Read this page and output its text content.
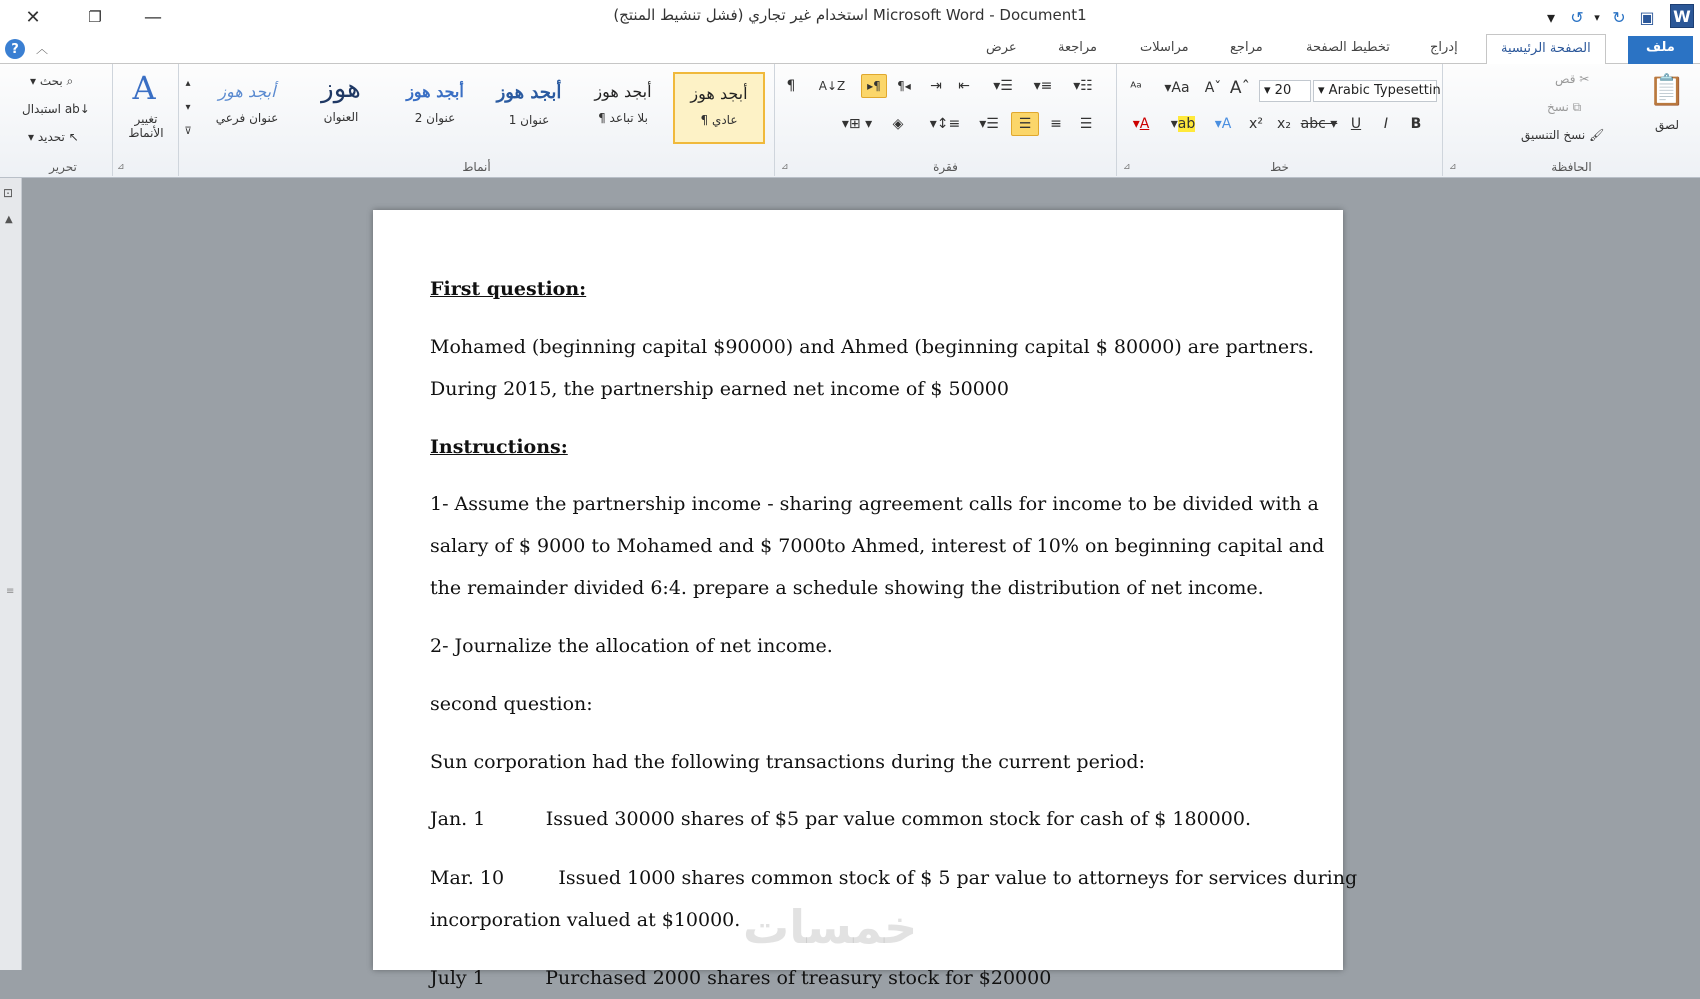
✕	❐	—	استخدام غير تجاري (فشل تنشيط المنتج) Microsoft Word - Document1	▾ ↺ ▾ ↻ ▣ W
?	︿	عرض	مراجعة	مراسلات	مراجع	تخطيط الصفحة	إدراج	الصفحة الرئيسية	ملف
▾ بحث ⌕
استبدال ab↓
▾ تحديد ↖
تحرير
A
تغيير الأنماط
⊿
▴
▾
⊽
أبجد هوز
عنوان فرعي
هوز
العنوان
أبجد هوز
عنوان 2
أبجد هوز
عنوان 1
أبجد هوز
¶ بلا تباعد
أبجد هوز
¶ عادي
أنماط
¶	A↓Z	▸¶	¶◂	⇥	⇤	▾☰	▾≡	▾☷
▾⊞ ▾	◈	▾↕≡	▾☰	☰	≡	☰
⊿	فقرة
ᴬᵃ	▾Aa	Aˇ Aˆ	▾ 20	▾ Arabic Typesettin
▾ A	▾ ab	▾A	x²	x₂ abc ▾ U	I	B
⊿	خط
قص ✂
نسخ ⧉
نسخ التنسيق 🖌
📋
لصق
⊿	الحافظة
⊡
▲
≡
First question:
Mohamed (beginning capital $90000) and Ahmed (beginning capital $ 80000) are partners.
During 2015, the partnership earned net income of $ 50000
Instructions:
1- Assume the partnership income - sharing agreement calls for income to be divided with a
salary of $ 9000 to Mohamed and $ 7000to Ahmed, interest of 10% on beginning capital and
the remainder divided 6:4. prepare a schedule showing the distribution of net income.
2- Journalize the allocation of net income.
second question:
Sun corporation had the following transactions during the current period:
Jan. 1          Issued 30000 shares of $5 par value common stock for cash of $ 180000.
Mar. 10         Issued 1000 shares common stock of $ 5 par value to attorneys for services during
incorporation valued at $10000.
July 1          Purchased 2000 shares of treasury stock for $20000
خمسات
